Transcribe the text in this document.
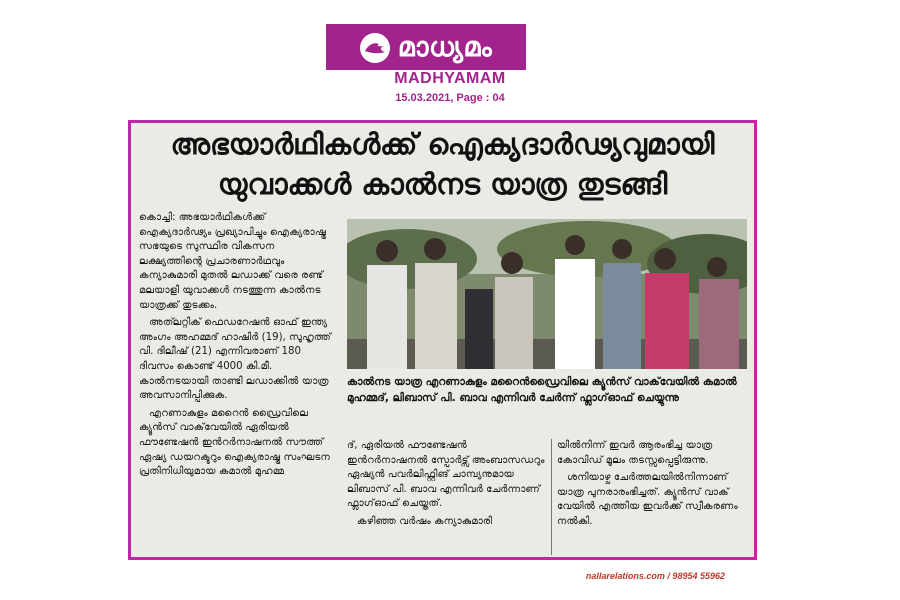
മാധ്യമം
MADHYAMAM
15.03.2021, Page : 04
അഭയാർഥികൾക്ക് ഐക്യദാർഢ്യവുമായി
യുവാക്കൾ കാൽനട യാത്ര തുടങ്ങി

കൊച്ചി: അഭയാർഥികൾക്ക് ഐക്യദാർഢ്യം പ്രഖ്യാപിച്ചും ഐക്യരാഷ്ട്ര സഭയുടെ സുസ്ഥിര വികസന ലക്ഷ്യത്തിന്റെ പ്രചാരണാർഥവും കന്യാകുമാരി മുതൽ ലഡാക്ക് വരെ രണ്ട് മലയാളി യുവാക്കൾ നടത്തുന്ന കാൽനട യാത്രക്ക് തുടക്കം.

അത്‍ലറ്റിക് ഫെഡറേഷൻ ഓഫ് ഇന്ത്യ അംഗം അഹമ്മദ് ഹാഷിർ (19), സുഹൃത്ത് വി. ദിലീഷ് (21) എന്നിവരാണ് 180 ദിവസം കൊണ്ട് 4000 കി.മീ. കാൽനടയായി താണ്ടി ലഡാക്കിൽ യാത്ര അവസാനിപ്പിക്കുക.

എറണാകുളം മറൈൻ ഡ്രൈവിലെ ക്യൂൻസ് വാക്‌വേയിൽ ഏരിയൽ ഫൗണ്ടേഷൻ ഇൻറർനാഷനൽ സൗത്ത് ഏഷ്യ ഡയറക്ടറും ഐക്യരാഷ്ട്ര സംഘടന പ്രതിനിധിയുമായ കമാൽ മുഹമ്മ

കാൽനട യാത്ര എറണാകുളം മറൈൻഡ്രൈവിലെ ക്യൂൻസ് വാക്‌വേയിൽ കമാൽ മുഹമ്മദ്, ലിബാസ് പി. ബാവ എന്നിവർ ചേർന്ന് ഫ്ലാഗ്ഓഫ് ചെയ്യുന്നു

ദ്, ഏരിയൽ ഫൗണ്ടേഷൻ ഇൻറർനാഷനൽ സ്പോർട്സ് അംബാസഡറും ഏഷ്യൻ പവർലിഫ്റ്റിങ് ചാമ്പ്യനുമായ ലിബാസ് പി. ബാവ എന്നിവർ ചേർന്നാണ് ഫ്ലാഗ്ഓഫ് ചെയ്തത്.

കഴിഞ്ഞ വർഷം കന്യാകുമാരി

യിൽനിന്ന് ഇവർ ആരംഭിച്ച യാത്ര കോവിഡ് മൂലം തടസ്സപ്പെട്ടിരുന്നു.

ശനിയാഴ്ച ചേർത്തലയിൽനിന്നാണ് യാത്ര പുനരാരംഭിച്ചത്. ക്യൂൻസ് വാക് വേയിൽ എത്തിയ ഇവർക്ക് സ്വീകരണം നൽകി.

nallarelations.com / 98954 55962
